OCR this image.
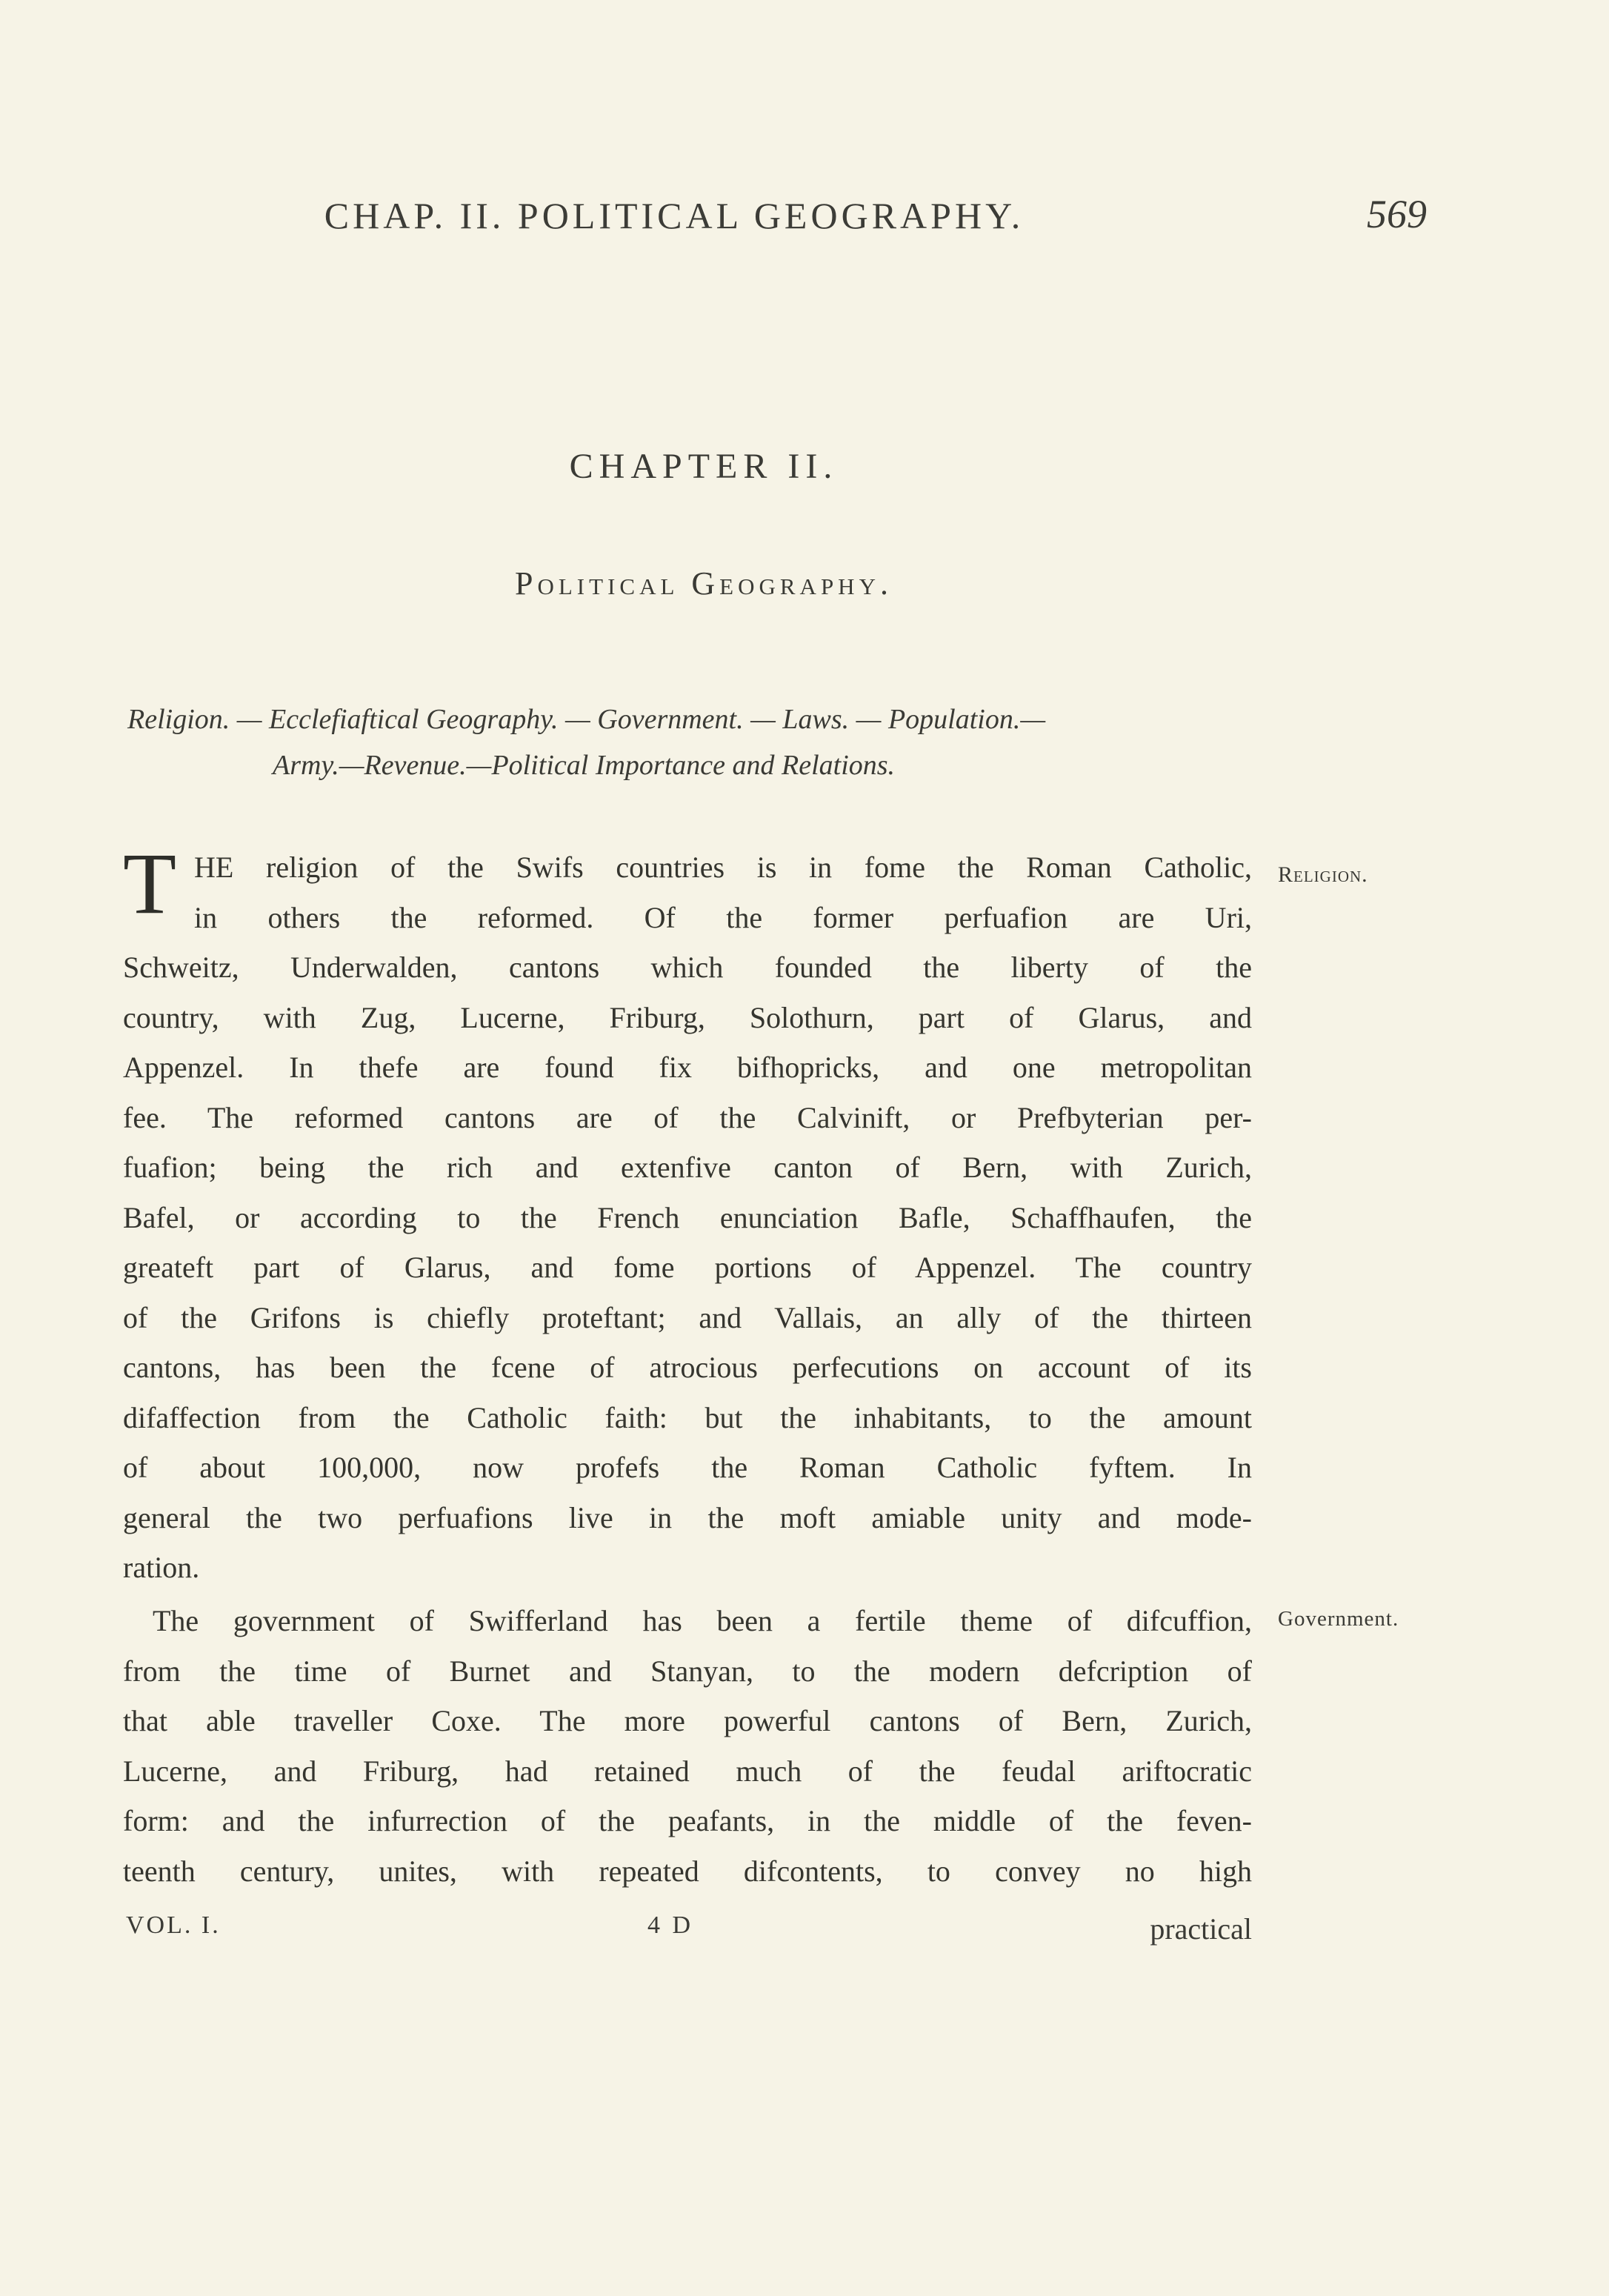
CHAP. II. POLITICAL GEOGRAPHY.	569
CHAPTER II.
Political Geography.
Religion. — Ecclefiaftical Geography. — Government. — Laws. — Population.—
Army.—Revenue.—Political Importance and Relations.
T HE religion of the Swifs countries is in fome the Roman Catholic,
in others the reformed. Of the former perfuafion are Uri,
Schweitz, Underwalden, cantons which founded the liberty of the
country, with Zug, Lucerne, Friburg, Solothurn, part of Glarus, and
Appenzel. In thefe are found fix bifhopricks, and one metropolitan
fee. The reformed cantons are of the Calvinift, or Prefbyterian per-
fuafion; being the rich and extenfive canton of Bern, with Zurich,
Bafel, or according to the French enunciation Bafle, Schaffhaufen, the
greateft part of Glarus, and fome portions of Appenzel. The country
of the Grifons is chiefly proteftant; and Vallais, an ally of the thirteen
cantons, has been the fcene of atrocious perfecutions on account of its
difaffection from the Catholic faith: but the inhabitants, to the amount
of about 100,000, now profefs the Roman Catholic fyftem. In
general the two perfuafions live in the moft amiable unity and mode-
ration.
Religion.
The government of Swifferland has been a fertile theme of difcuffion,
from the time of Burnet and Stanyan, to the modern defcription of
that able traveller Coxe. The more powerful cantons of Bern, Zurich,
Lucerne, and Friburg, had retained much of the feudal ariftocratic
form: and the infurrection of the peafants, in the middle of the feven-
teenth century, unites, with repeated difcontents, to convey no high
Government.
VOL. I.	4 D	practical
